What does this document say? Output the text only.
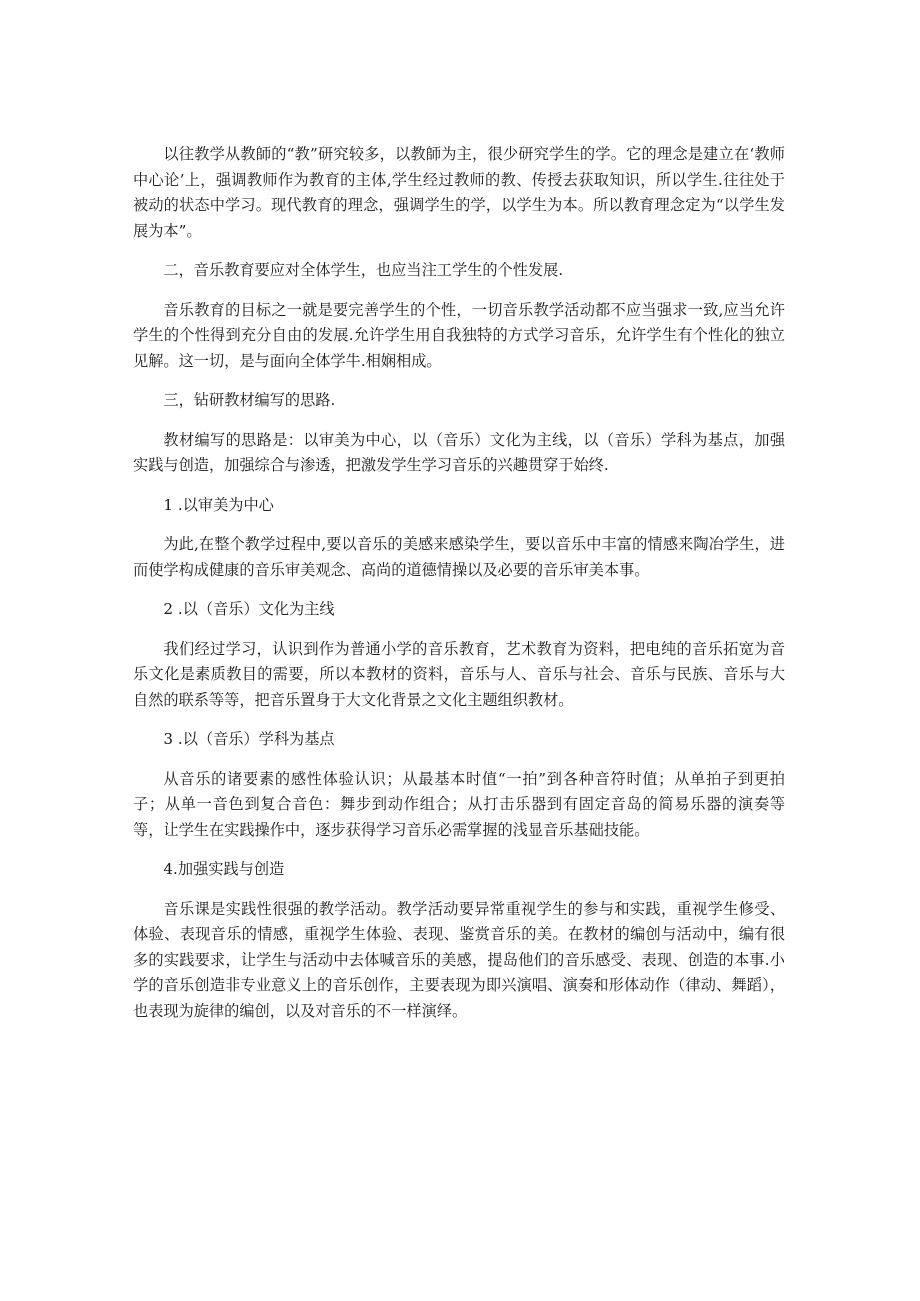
以往教学从教師的“教”研究较多，以教師为主，很少研究学生的学。它的理念是建立在‘教师中心论’上，强调教师作为教育的主体,学生经过教师的教、传授去获取知识，所以学生.往往处于被动的状态中学习。现代教育的理念，强调学生的学，以学生为本。所以教育理念定为“以学生发展为本”。

二，音乐教育要应对全体学生，也应当注工学生的个性发展.

音乐教育的目标之一就是要完善学生的个性，一切音乐教学活动都不应当强求一致,应当允许学生的个性得到充分自由的发展.允许学生用自我独特的方式学习音乐，允许学生有个性化的独立见解。这一切，是与面向全体学牛.相娴相成。

三，钻研教材编写的思路.

教材编写的思路是：以审美为中心，以（音乐）文化为主线，以（音乐）学科为基点，加强实践与创造，加强综合与渗透，把激发学生学习音乐的兴趣贯穿于始终.

1 .以审美为中心

为此,在整个教学过程中,要以音乐的美感来感染学生，要以音乐中丰富的情感来陶冶学生，进而使学构成健康的音乐审美观念、高尚的道德情操以及必要的音乐审美本事。

2 .以（音乐）文化为主线

我们经过学习，认识到作为普通小学的音乐教育，艺术教育为资料，把电纯的音乐拓宽为音乐文化是素质教目的需要，所以本教材的资料，音乐与人、音乐与社会、音乐与民族、音乐与大自然的联系等等，把音乐置身于大文化背景之文化主题组织教材。

3 .以（音乐）学科为基点

从音乐的诸要素的感性体验认识；从最基本时值“一拍”到各种音符时值；从单拍子到更拍子；从单一音色到复合音色：舞步到动作组合；从打击乐器到有固定音岛的简易乐器的演奏等等，让学生在实践操作中，逐步获得学习音乐必需掌握的浅显音乐基础技能。

4.加强实践与创造

音乐课是实践性很强的教学活动。教学活动要异常重视学生的参与和实践，重视学生修受、体验、表现音乐的情感，重视学生体验、表现、鉴赏音乐的美。在教材的编创与活动中，编有很多的实践要求，让学生与活动中去体喊音乐的美感，提岛他们的音乐感受、表现、创造的本事.小学的音乐创造非专业意义上的音乐创作，主要表现为即兴演唱、演奏和形体动作（律动、舞蹈），也表现为旋律的编创，以及对音乐的不一样演绎。
